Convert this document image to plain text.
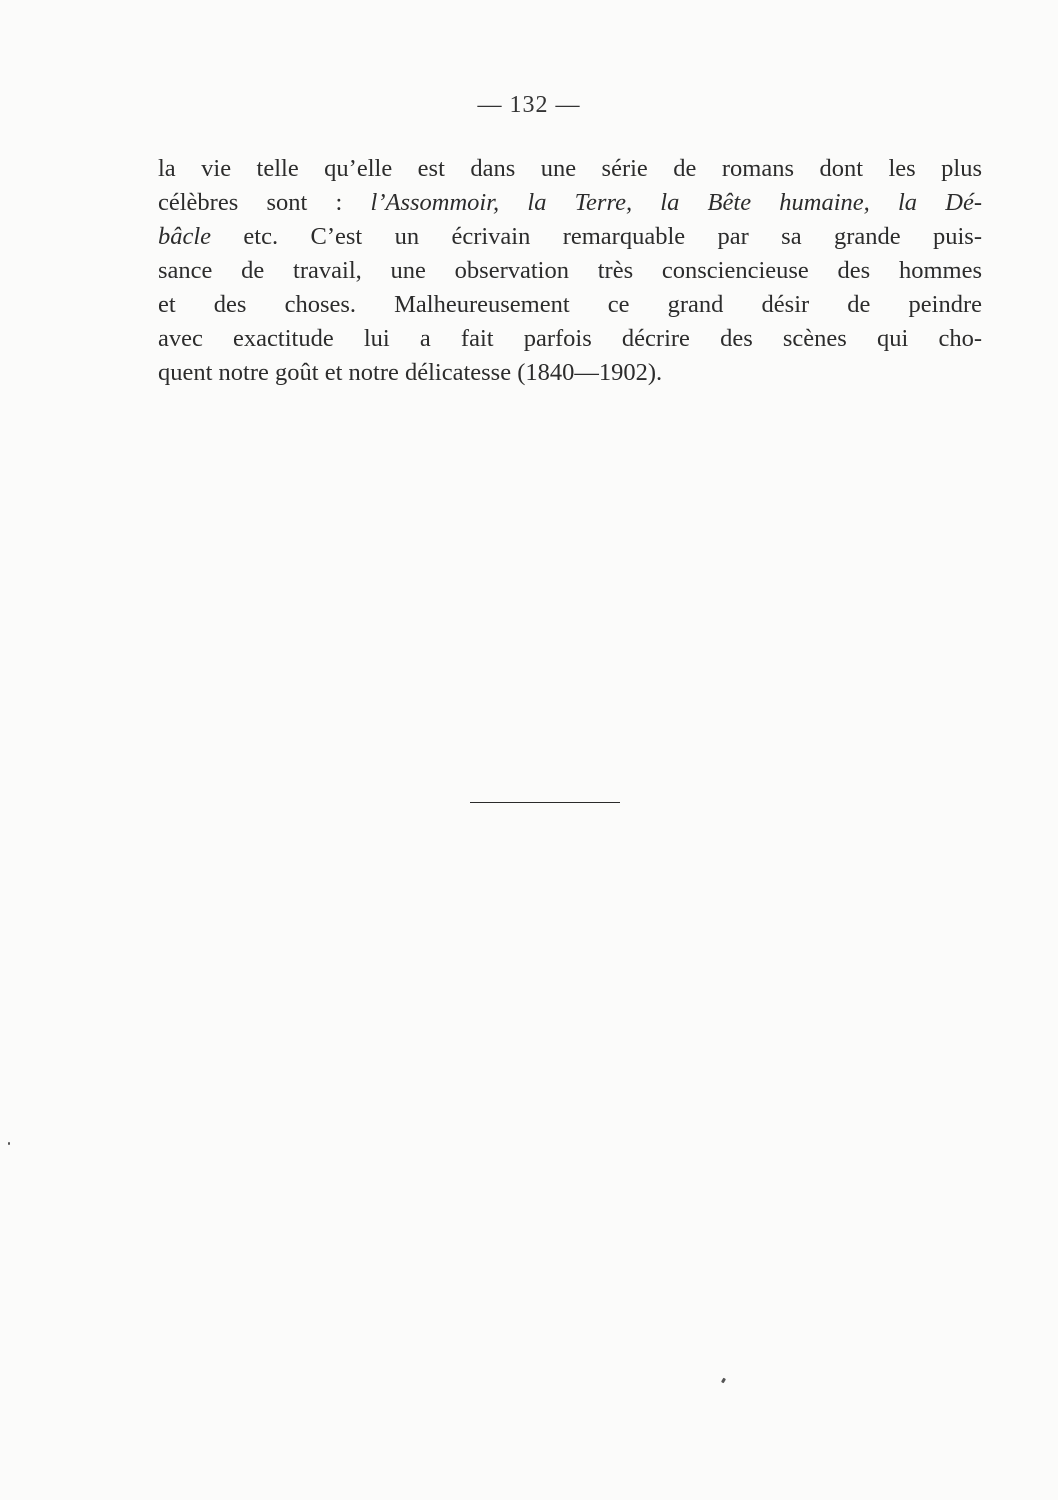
— 132 —
la vie telle qu’elle est dans une série de romans dont les plus
célèbres sont : l’Assommoir, la Terre, la Bête humaine, la Dé-
bâcle etc. C’est un écrivain remarquable par sa grande puis-
sance de travail, une observation très consciencieuse des hommes
et des choses. Malheureusement ce grand désir de peindre
avec exactitude lui a fait parfois décrire des scènes qui cho-
quent notre goût et notre délicatesse (1840—1902).
